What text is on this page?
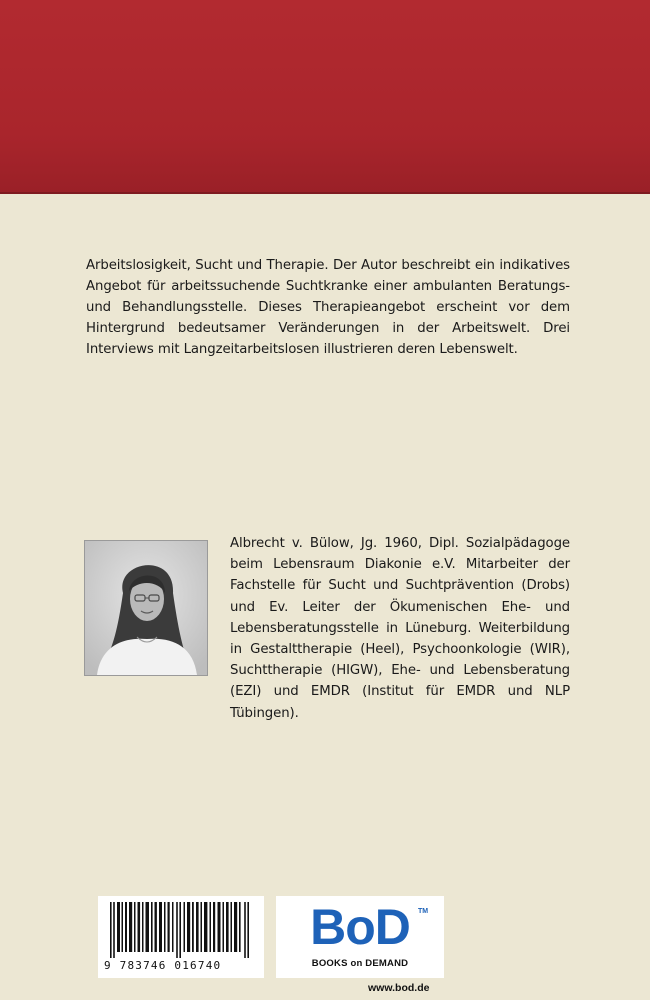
Arbeitslosigkeit, Sucht und Therapie. Der Autor beschreibt ein indikatives Angebot für arbeitssuchende Suchtkranke einer ambulanten Beratungs- und Behandlungsstelle. Dieses Therapieangebot erscheint vor dem Hintergrund bedeutsamer Veränderungen in der Arbeitswelt. Drei Interviews mit Langzeitarbeitslosen illustrieren deren Lebenswelt.
Albrecht v. Bülow, Jg. 1960, Dipl. Sozialpädagoge beim Lebensraum Diakonie e.V. Mitarbeiter der Fachstelle für Sucht und Suchtprävention (Drobs) und Ev. Leiter der Ökumenischen Ehe- und Lebensberatungsstelle in Lüneburg. Weiterbildung in Gestalttherapie (Heel), Psychoonkologie (WIR), Suchttherapie (HIGW), Ehe- und Lebensberatung (EZI) und EMDR (Institut für EMDR und NLP Tübingen).
9 783746 016740
BoD	TM
BOOKS on DEMAND
www.bod.de
